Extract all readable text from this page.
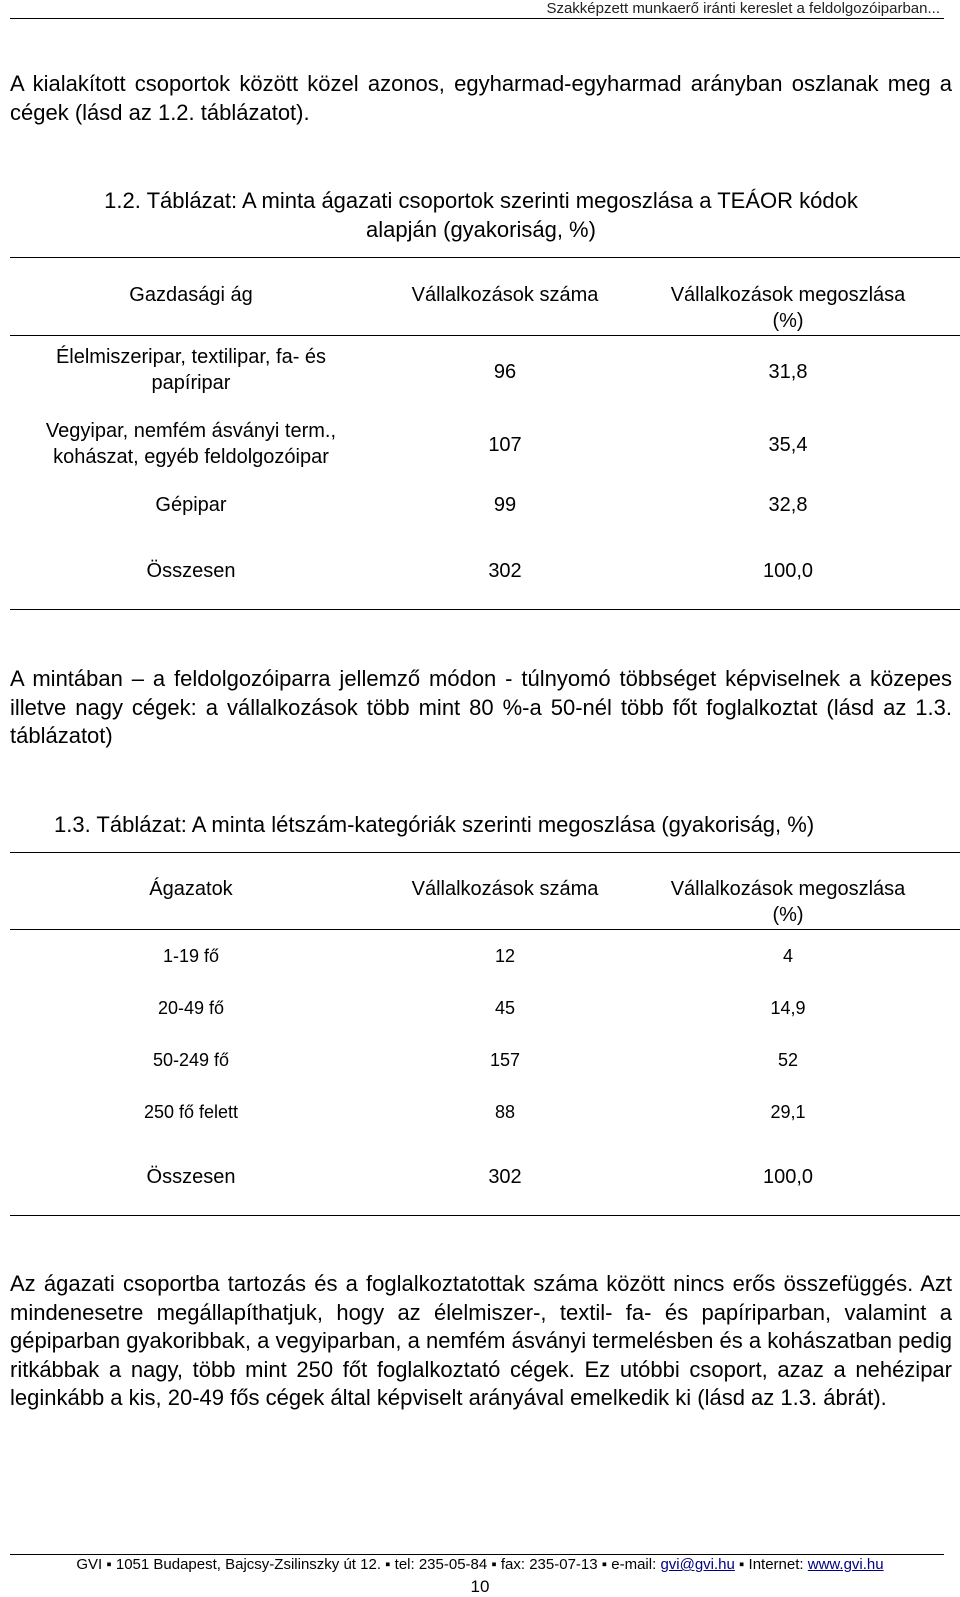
Szakképzett munkaerő iránti kereslet a feldolgozóiparban...
A kialakított csoportok között közel azonos, egyharmad-egyharmad arányban oszlanak meg a cégek (lásd az 1.2. táblázatot).
1.2. Táblázat: A minta ágazati csoportok szerinti megoszlása a TEÁOR kódok
alapján (gyakoriság, %)
Gazdasági ág	Vállalkozások száma	Vállalkozások megoszlása
(%)
Élelmiszeripar, textilipar, fa- és
papíripar	96	31,8
Vegyipar, nemfém ásványi term.,
kohászat, egyéb feldolgozóipar
107	35,4
Gépipar	99	32,8
Összesen	302	100,0
A mintában ‒ a feldolgozóiparra jellemző módon - túlnyomó többséget képviselnek a közepes illetve nagy cégek: a vállalkozások több mint 80 %-a 50-nél több főt foglalkoztat (lásd az 1.3. táblázatot)
1.3. Táblázat: A minta létszám-kategóriák szerinti megoszlása (gyakoriság, %)
Ágazatok	Vállalkozások száma	Vállalkozások megoszlása
(%)
1-19 fő	12	4
20-49 fő	45	14,9
50-249 fő	157	52
250 fő felett	88	29,1
Összesen	302	100,0
Az ágazati csoportba tartozás és a foglalkoztatottak száma között nincs erős összefüggés. Azt mindenesetre megállapíthatjuk, hogy az élelmiszer-, textil- fa- és papíriparban, valamint a gépiparban gyakoribbak, a vegyiparban, a nemfém ásványi termelésben és a kohászatban pedig ritkábbak a nagy, több mint 250 főt foglalkoztató cégek. Ez utóbbi csoport, azaz a nehézipar leginkább a kis, 20-49 fős cégek által képviselt arányával emelkedik ki (lásd az 1.3. ábrát).
GVI ▪ 1051 Budapest, Bajcsy-Zsilinszky út 12. ▪ tel: 235-05-84 ▪ fax: 235-07-13 ▪ e-mail: gvi@gvi.hu ▪ Internet: www.gvi.hu
10
